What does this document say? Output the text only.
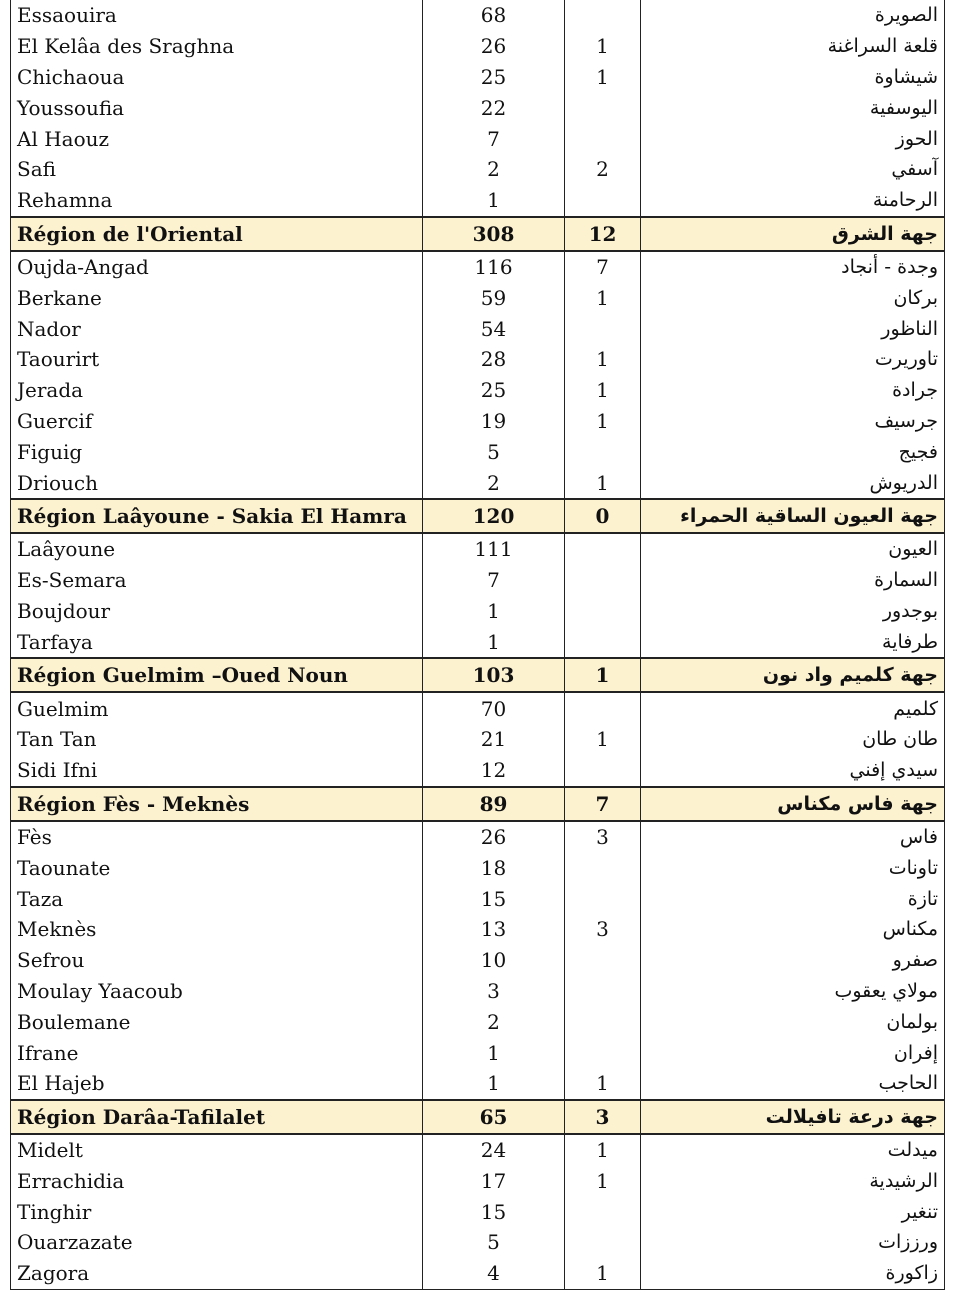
Essaouira	68		الصويرة
El Kelâa des Sraghna	26	1	قلعة السراغنة
Chichaoua	25	1	شيشاوة
Youssoufia	22		اليوسفية
Al Haouz	7		الحوز
Safi	2	2	آسفي
Rehamna	1		الرحامنة
Région de l'Oriental	308	12	جهة الشرق
Oujda-Angad	116	7	وجدة - أنجاد
Berkane	59	1	بركان
Nador	54		الناظور
Taourirt	28	1	تاوريرت
Jerada	25	1	جرادة
Guercif	19	1	جرسيف
Figuig	5		فجيج
Driouch	2	1	الدريوش
Région Laâyoune - Sakia El Hamra	120	0	جهة العيون الساقية الحمراء
Laâyoune	111		العيون
Es-Semara	7		السمارة
Boujdour	1		بوجدور
Tarfaya	1		طرفاية
Région Guelmim –Oued Noun	103	1	جهة كلميم واد نون
Guelmim	70		كلميم
Tan Tan	21	1	طان طان
Sidi Ifni	12		سيدي إفني
Région Fès - Meknès	89	7	جهة فاس مكناس
Fès	26	3	فاس
Taounate	18		تاونات
Taza	15		تازة
Meknès	13	3	مكناس
Sefrou	10		صفرو
Moulay Yaacoub	3		مولاي يعقوب
Boulemane	2		بولمان
Ifrane	1		إفران
El Hajeb	1	1	الحاجب
Région Darâa-Tafilalet	65	3	جهة درعة تافيلالت
Midelt	24	1	ميدلت
Errachidia	17	1	الرشيدية
Tinghir	15		تنغير
Ouarzazate	5		ورززات
Zagora	4	1	زاكورة
